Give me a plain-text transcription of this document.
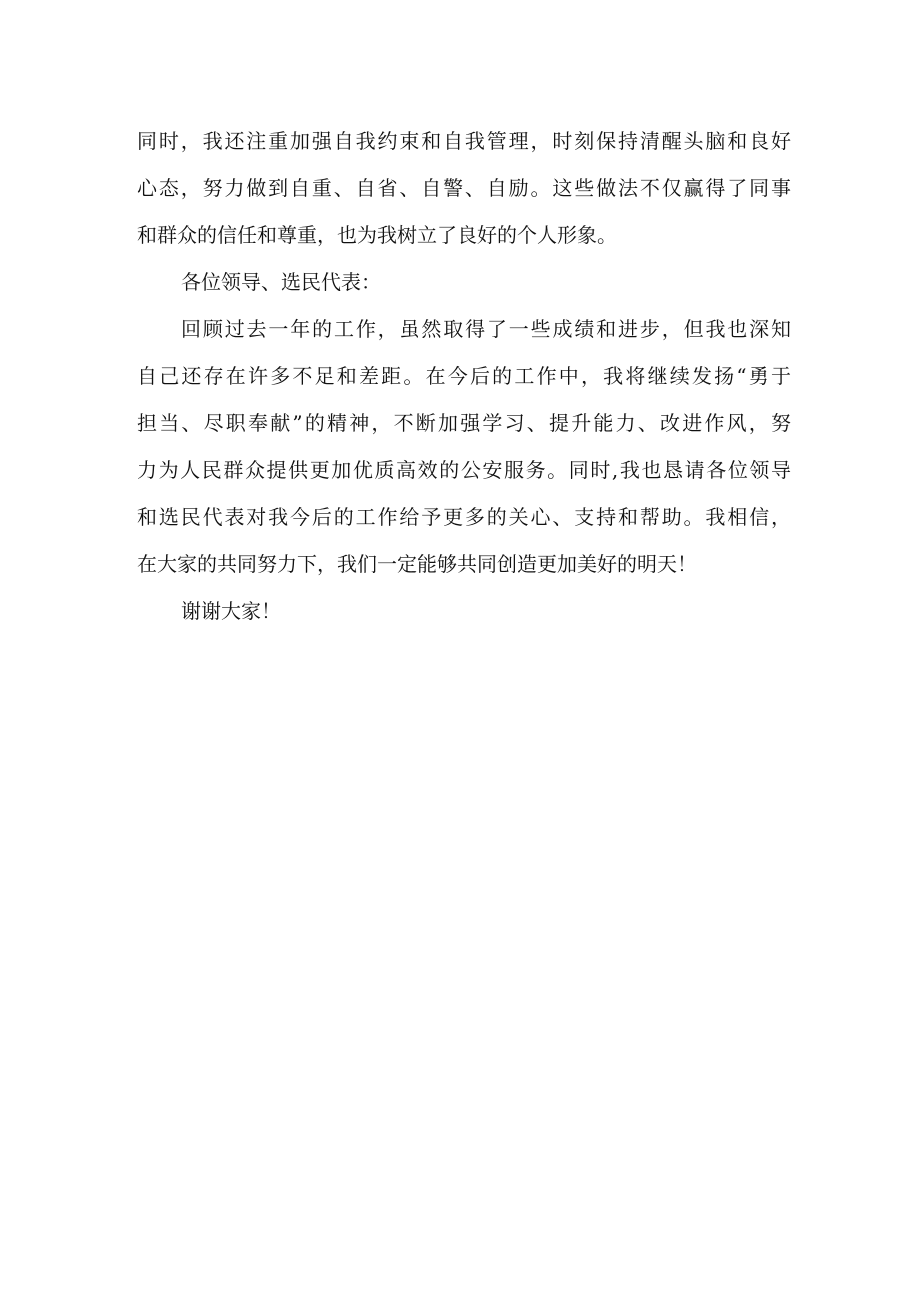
同时，我还注重加强自我约束和自我管理，时刻保持清醒头脑和良好
心态，努力做到自重、自省、自警、自励。这些做法不仅赢得了同事
和群众的信任和尊重，也为我树立了良好的个人形象。
各位领导、选民代表：
回顾过去一年的工作，虽然取得了一些成绩和进步，但我也深知
自己还存在许多不足和差距。在今后的工作中，我将继续发扬“勇于
担当、尽职奉献”的精神，不断加强学习、提升能力、改进作风，努
力为人民群众提供更加优质高效的公安服务。同时,我也恳请各位领导
和选民代表对我今后的工作给予更多的关心、支持和帮助。我相信，
在大家的共同努力下，我们一定能够共同创造更加美好的明天！
谢谢大家！
